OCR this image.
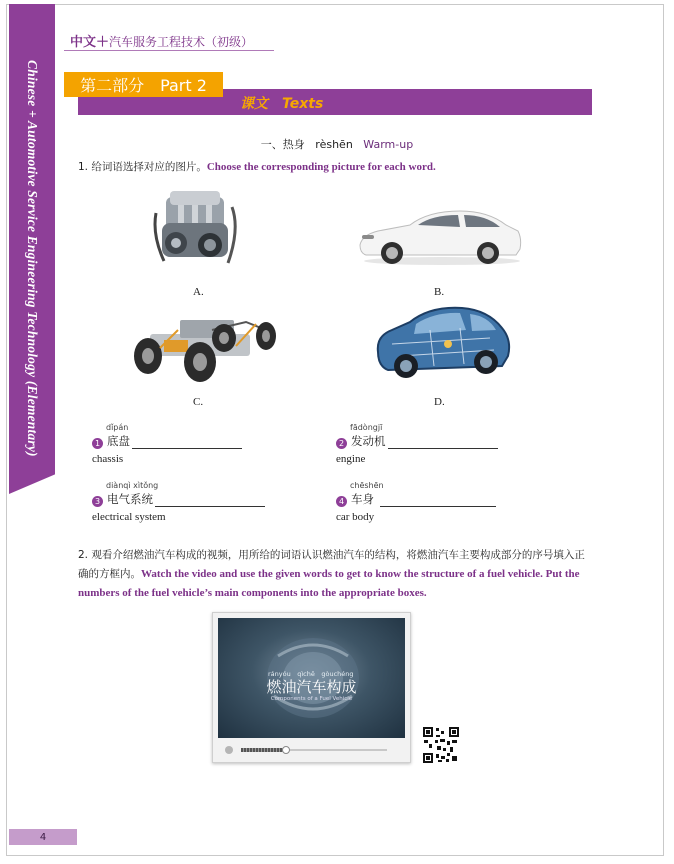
Chinese + Automotive Service Engineering Technology (Elementary)
中文＋汽车服务工程技术（初级）
第二部分　Part 2
课文　Texts
一、热身 rèshēn Warm-up
1. 给词语选择对应的图片。Choose the corresponding picture for each word.
A.	B.
C.	D.
dǐpán
1 底盘
chassis
fādòngjī
2 发动机
engine
diànqì xìtǒng
3 电气系统
electrical system
chēshēn
4 车身
car body
2. 观看介绍燃油汽车构成的视频，用所给的词语认识燃油汽车的结构，将燃油汽车主要构成部分的序号填入正确的方框内。Watch the video and use the given words to get to know the structure of a fuel vehicle. Put the numbers of the fuel vehicle’s main components into the appropriate boxes.
rányóu　qìchē　gòuchéng
燃油汽车构成
Components of a Fuel Vehicle
4
